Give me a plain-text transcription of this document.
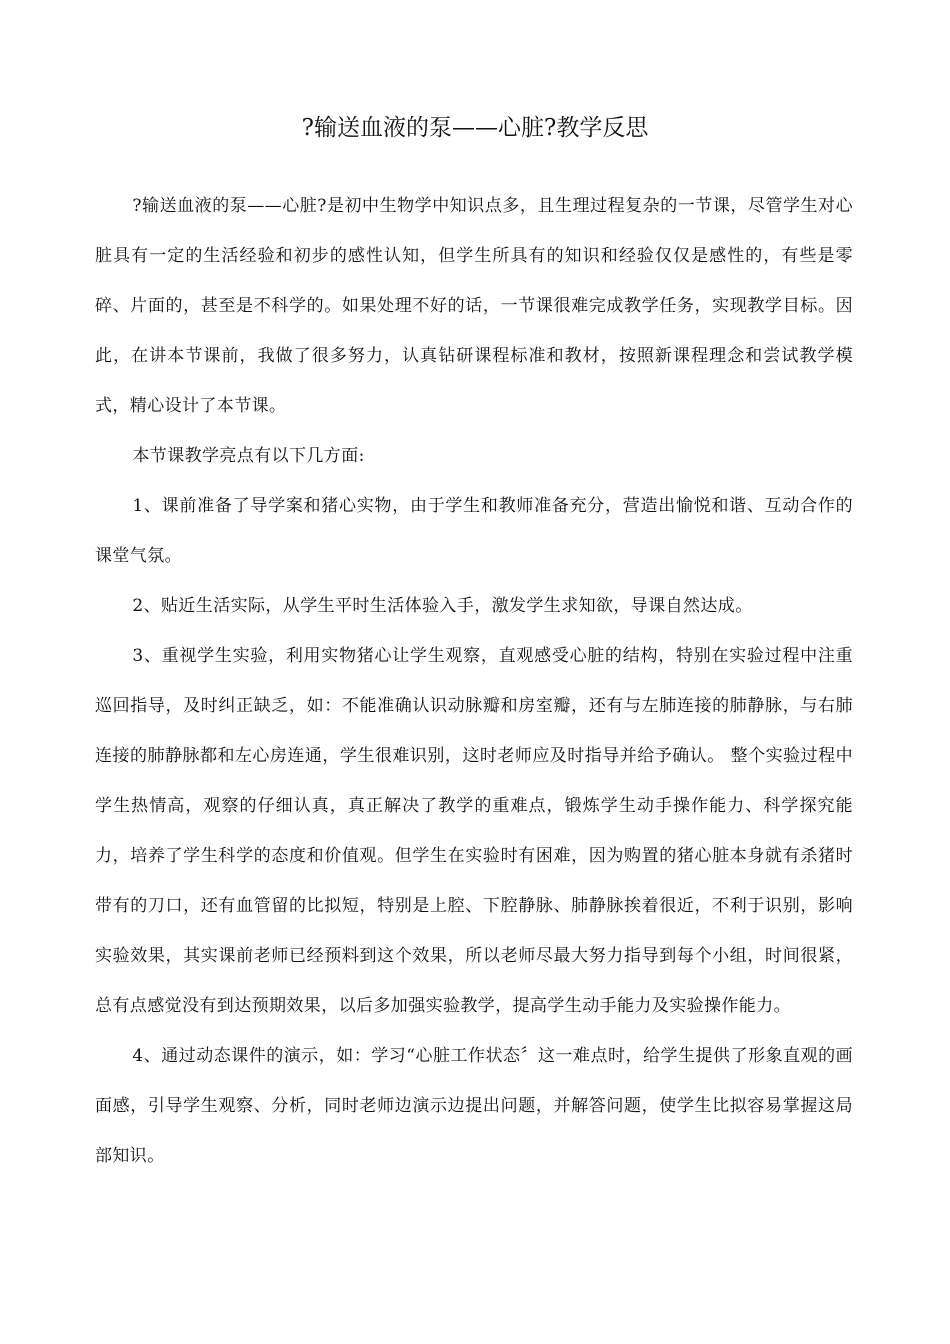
?输送血液的泵——心脏?教学反思

?输送血液的泵——心脏?是初中生物学中知识点多，且生理过程复杂的一节课，尽管学生对心脏具有一定的生活经验和初步的感性认知，但学生所具有的知识和经验仅仅是感性的，有些是零碎、片面的，甚至是不科学的。如果处理不好的话，一节课很难完成教学任务，实现教学目标。因此，在讲本节课前，我做了很多努力，认真钻研课程标准和教材，按照新课程理念和尝试教学模式，精心设计了本节课。

本节课教学亮点有以下几方面:

1、课前准备了导学案和猪心实物，由于学生和教师准备充分，营造出愉悦和谐、互动合作的课堂气氛。

2、贴近生活实际，从学生平时生活体验入手，激发学生求知欲，导课自然达成。

3、重视学生实验，利用实物猪心让学生观察，直观感受心脏的结构，特别在实验过程中注重巡回指导，及时纠正缺乏，如：不能准确认识动脉瓣和房室瓣，还有与左肺连接的肺静脉，与右肺连接的肺静脉都和左心房连通，学生很难识别，这时老师应及时指导并给予确认。 整个实验过程中学生热情高，观察的仔细认真，真正解决了教学的重难点，锻炼学生动手操作能力、科学探究能力，培养了学生科学的态度和价值观。但学生在实验时有困难，因为购置的猪心脏本身就有杀猪时带有的刀口，还有血管留的比拟短，特别是上腔、下腔静脉、肺静脉挨着很近，不利于识别，影响实验效果，其实课前老师已经预料到这个效果，所以老师尽最大努力指导到每个小组，时间很紧，总有点感觉没有到达预期效果，以后多加强实验教学，提高学生动手能力及实验操作能力。

4、通过动态课件的演示，如：学习“心脏工作状态〞这一难点时，给学生提供了形象直观的画面感，引导学生观察、分析，同时老师边演示边提出问题，并解答问题，使学生比拟容易掌握这局部知识。
